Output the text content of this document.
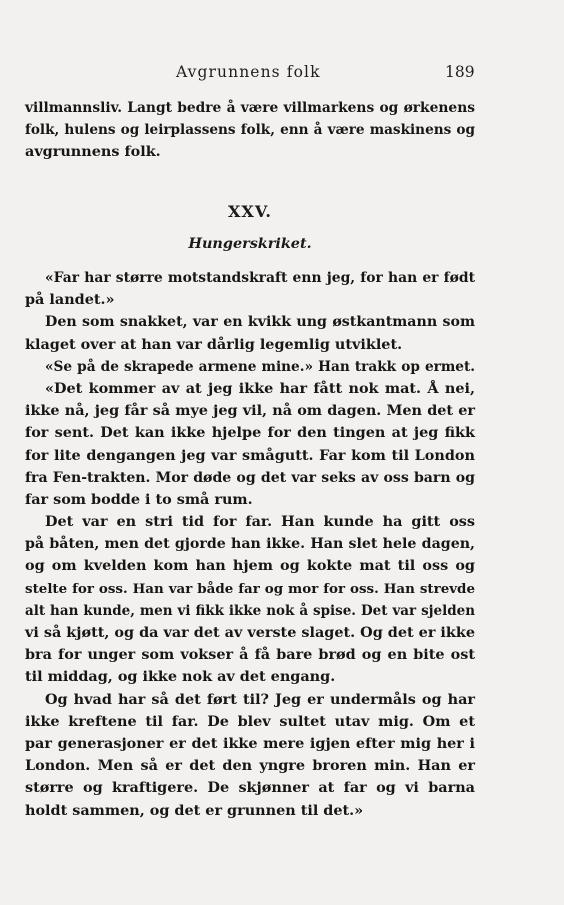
Avgrunnens folk	189
villmannsliv. Langt bedre å være villmarkens og ørkenens
folk, hulens og leirplassens folk, enn å være maskinens og
avgrunnens folk.
XXV.
Hungerskriket.
«Far har større motstandskraft enn jeg, for han er født
på landet.»
Den som snakket, var en kvikk ung østkantmann som
klaget over at han var dårlig legemlig utviklet.
«Se på de skrapede armene mine.» Han trakk op ermet.
«Det kommer av at jeg ikke har fått nok mat. Å nei,
ikke nå, jeg får så mye jeg vil, nå om dagen. Men det er
for sent. Det kan ikke hjelpe for den tingen at jeg fikk
for lite dengangen jeg var smågutt. Far kom til London
fra Fen-trakten. Mor døde og det var seks av oss barn og
far som bodde i to små rum.
Det var en stri tid for far. Han kunde ha gitt oss
på båten, men det gjorde han ikke. Han slet hele dagen,
og om kvelden kom han hjem og kokte mat til oss og
stelte for oss. Han var både far og mor for oss. Han strevde
alt han kunde, men vi fikk ikke nok å spise. Det var sjelden
vi så kjøtt, og da var det av verste slaget. Og det er ikke
bra for unger som vokser å få bare brød og en bite ost
til middag, og ikke nok av det engang.
Og hvad har så det ført til? Jeg er undermåls og har
ikke kreftene til far. De blev sultet utav mig. Om et
par generasjoner er det ikke mere igjen efter mig her i
London. Men så er det den yngre broren min. Han er
større og kraftigere. De skjønner at far og vi barna
holdt sammen, og det er grunnen til det.»
